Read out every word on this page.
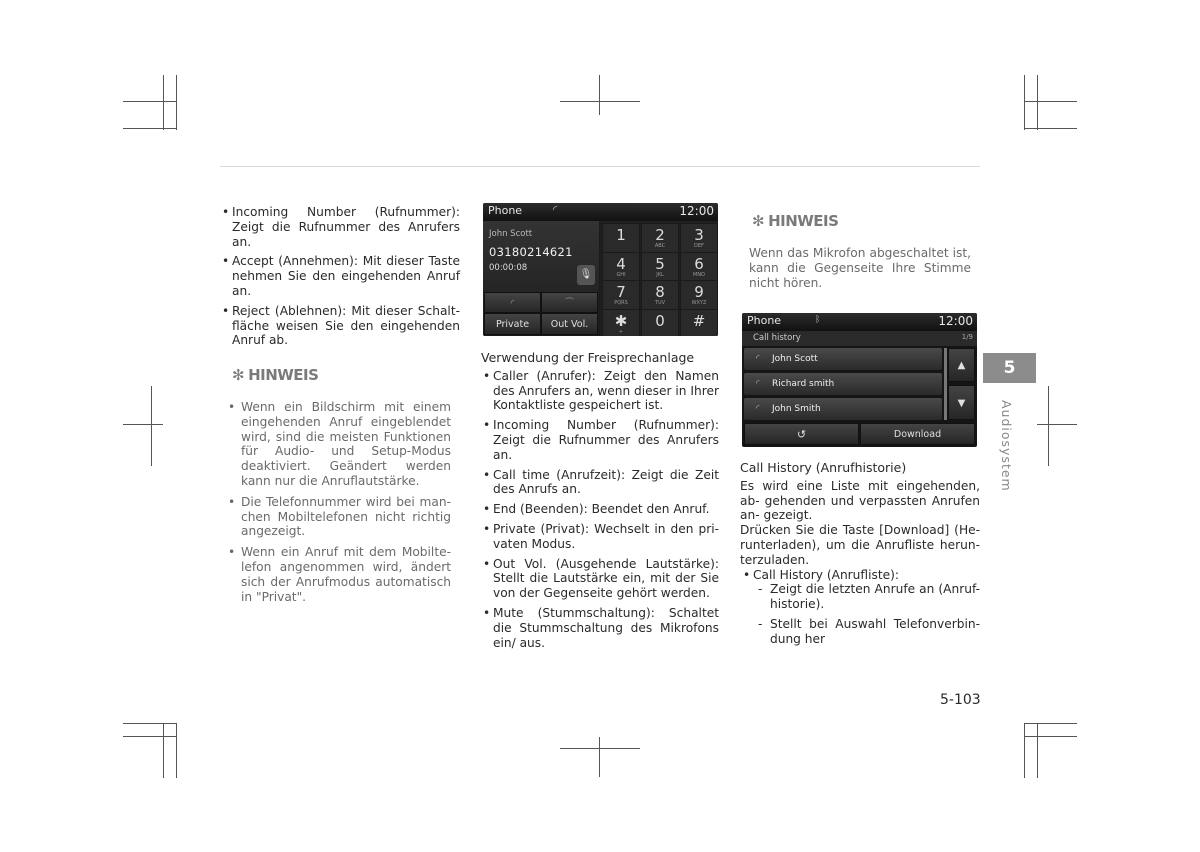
• Incoming Number (Rufnummer): Zeigt die Rufnummer des Anrufers an.
• Accept (Annehmen): Mit dieser Taste nehmen Sie den eingehenden Anruf an.
• Reject (Ablehnen): Mit dieser Schalt- fläche weisen Sie den eingehenden Anruf ab.
✻ HINWEIS
• Wenn ein Bildschirm mit einem eingehenden Anruf eingeblendet wird, sind die meisten Funktionen für Audio- und Setup-Modus deaktiviert. Geändert werden kann nur die Anruflautstärke.
• Die Telefonnummer wird bei man- chen Mobiltelefonen nicht richtig angezeigt.
• Wenn ein Anruf mit dem Mobilte- lefon angenommen wird, ändert sich der Anrufmodus automatisch in "Privat".
Phone	◜	12:00
John Scott
03180214621
00:00:08
🎙
◜	⌒
Private	Out Vol.
1	2
ABC
3
DEF
4
GHI
5
JKL
6
MNO
7
PQRS
8
TUV
9
WXYZ
✱
+
0	#
Verwendung der Freisprechanlage
• Caller (Anrufer): Zeigt den Namen des Anrufers an, wenn dieser in Ihrer Kontaktliste gespeichert ist.
• Incoming Number (Rufnummer): Zeigt die Rufnummer des Anrufers an.
• Call time (Anrufzeit): Zeigt die Zeit des Anrufs an.
• End (Beenden): Beendet den Anruf.
• Private (Privat): Wechselt in den pri- vaten Modus.
• Out Vol. (Ausgehende Lautstärke): Stellt die Lautstärke ein, mit der Sie von der Gegenseite gehört werden.
• Mute (Stummschaltung): Schaltet die Stummschaltung des Mikrofons ein/ aus.
✻ HINWEIS
Wenn das Mikrofon abgeschaltet ist, kann die Gegenseite Ihre Stimme nicht hören.
Phone	ᛒ	12:00
Call history	1/9
◜ John Scott
◜ Richard smith
◜ John Smith
▲
▼
↺	Download
Call History (Anrufhistorie)
Es wird eine Liste mit eingehenden, ab- gehenden und verpassten Anrufen an- gezeigt.
Drücken Sie die Taste [Download] (He- runterladen), um die Anrufliste herun- terzuladen.
• Call History (Anrufliste):
- Zeigt die letzten Anrufe an (Anruf- historie).
- Stellt bei Auswahl Telefonverbin- dung her
5
Audiosystem
5-103
